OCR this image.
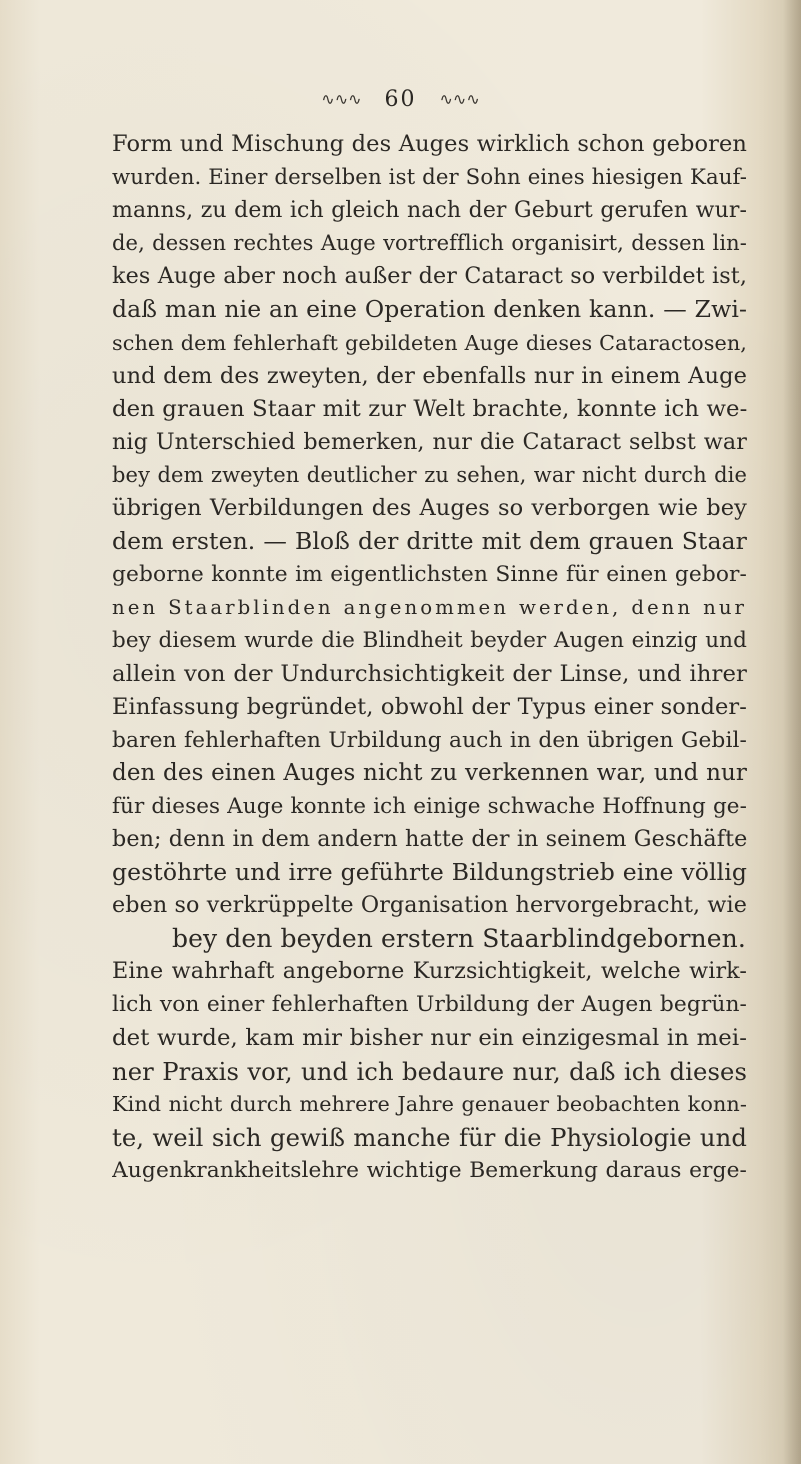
∿∿∿ 60 ∿∿∿
Form und Mischung des Auges wirklich schon geboren
wurden. Einer derselben ist der Sohn eines hiesigen Kauf-
manns, zu dem ich gleich nach der Geburt gerufen wur-
de, dessen rechtes Auge vortrefflich organisirt, dessen lin-
kes Auge aber noch außer der Cataract so verbildet ist,
daß man nie an eine Operation denken kann. — Zwi-
schen dem fehlerhaft gebildeten Auge dieses Cataractosen,
und dem des zweyten, der ebenfalls nur in einem Auge
den grauen Staar mit zur Welt brachte, konnte ich we-
nig Unterschied bemerken, nur die Cataract selbst war
bey dem zweyten deutlicher zu sehen, war nicht durch die
übrigen Verbildungen des Auges so verborgen wie bey
dem ersten. — Bloß der dritte mit dem grauen Staar
geborne konnte im eigentlichsten Sinne für einen gebor-
nen Staarblinden angenommen werden, denn nur
bey diesem wurde die Blindheit beyder Augen einzig und
allein von der Undurchsichtigkeit der Linse, und ihrer
Einfassung begründet, obwohl der Typus einer sonder-
baren fehlerhaften Urbildung auch in den übrigen Gebil-
den des einen Auges nicht zu verkennen war, und nur
für dieses Auge konnte ich einige schwache Hoffnung ge-
ben; denn in dem andern hatte der in seinem Geschäfte
gestöhrte und irre geführte Bildungstrieb eine völlig
eben so verkrüppelte Organisation hervorgebracht, wie
bey den beyden erstern Staarblindgebornen.
Eine wahrhaft angeborne Kurzsichtigkeit, welche wirk-
lich von einer fehlerhaften Urbildung der Augen begrün-
det wurde, kam mir bisher nur ein einzigesmal in mei-
ner Praxis vor, und ich bedaure nur, daß ich dieses
Kind nicht durch mehrere Jahre genauer beobachten konn-
te, weil sich gewiß manche für die Physiologie und
Augenkrankheitslehre wichtige Bemerkung daraus erge-
